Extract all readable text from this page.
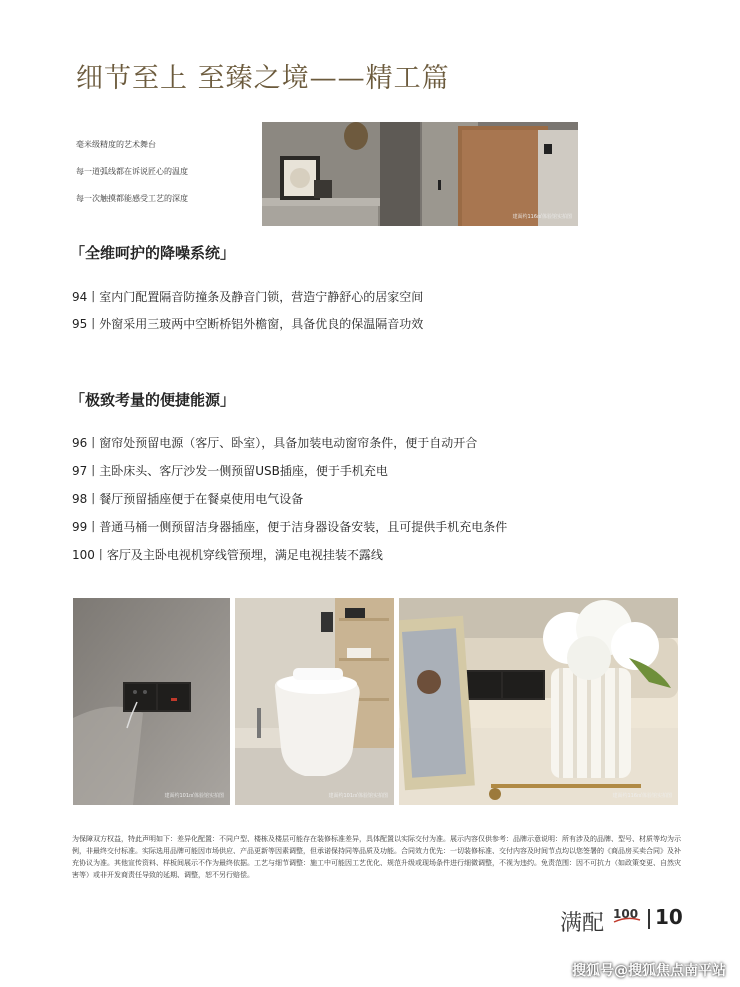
细节至上 至臻之境——精工篇
毫米级精度的艺术舞台
每一道弧线都在诉说匠心的温度
每一次触摸都能感受工艺的深度
建面约116㎡体验馆实拍图
「全维呵护的降噪系统」
94丨室内门配置隔音防撞条及静音门锁，营造宁静舒心的居家空间
95丨外窗采用三玻两中空断桥铝外檐窗，具备优良的保温隔音功效
「极致考量的便捷能源」
96丨窗帘处预留电源（客厅、卧室），具备加装电动窗帘条件，便于自动开合
97丨主卧床头、客厅沙发一侧预留USB插座，便于手机充电
98丨餐厅预留插座便于在餐桌使用电气设备
99丨普通马桶一侧预留洁身器插座，便于洁身器设备安装，且可提供手机充电条件
100丨客厅及主卧电视机穿线管预埋，满足电视挂装不露线
建面约101㎡体验馆实拍图	建面约101㎡体验馆实拍图	建面约116㎡体验馆实拍图
为保障双方权益，特此声明如下：差异化配置：不同户型、楼栋及楼层可能存在装修标准差异，具体配置以实际交付为准。展示内容仅供参考：品牌示意说明：所有涉及的品牌、型号、材质等均为示例，非最终交付标准。实际选用品牌可能因市场供应、产品更新等因素调整，但承诺保持同等品质及功能。合同效力优先：一切装修标准、交付内容及时间节点均以您签署的《商品房买卖合同》及补充协议为准。其他宣传资料、样板间展示不作为最终依据。工艺与细节调整：施工中可能因工艺优化、规范升级或现场条件进行细微调整，不视为违约。免责范围：因不可抗力（如政策变更、自然灾害等）或非开发商责任导致的延期、调整，恕不另行赔偿。
满配 100 10
搜狐号@搜狐焦点南平站
